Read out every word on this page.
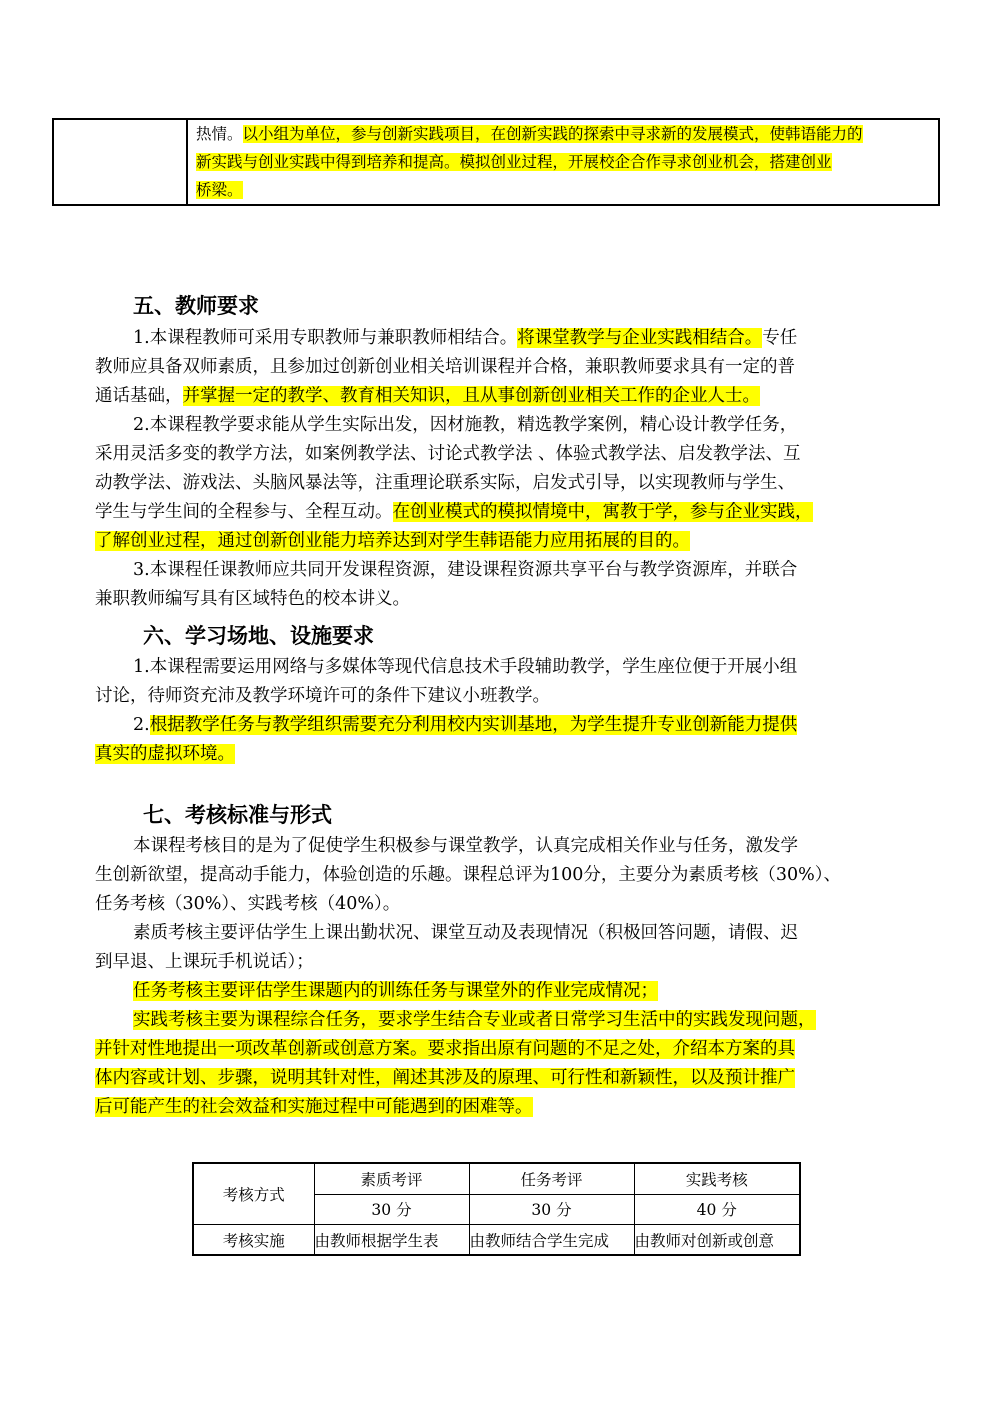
	热情。以小组为单位，参与创新实践项目，在创新实践的探索中寻求新的发展模式，使韩语能力的
新实践与创业实践中得到培养和提高。模拟创业过程，开展校企合作寻求创业机会，搭建创业
桥梁。
五、教师要求
1.本课程教师可采用专职教师与兼职教师相结合。将课堂教学与企业实践相结合。专任
教师应具备双师素质，且参加过创新创业相关培训课程并合格，兼职教师要求具有一定的普
通话基础，并掌握一定的教学、教育相关知识，且从事创新创业相关工作的企业人士。
2.本课程教学要求能从学生实际出发，因材施教，精选教学案例，精心设计教学任务，
采用灵活多变的教学方法，如案例教学法、讨论式教学法 、体验式教学法、启发教学法、互
动教学法、游戏法、头脑风暴法等，注重理论联系实际，启发式引导，以实现教师与学生、
学生与学生间的全程参与、全程互动。在创业模式的模拟情境中，寓教于学，参与企业实践，
了解创业过程，通过创新创业能力培养达到对学生韩语能力应用拓展的目的。
3.本课程任课教师应共同开发课程资源，建设课程资源共享平台与教学资源库，并联合
兼职教师编写具有区域特色的校本讲义。
六、学习场地、设施要求
1.本课程需要运用网络与多媒体等现代信息技术手段辅助教学，学生座位便于开展小组
讨论，待师资充沛及教学环境许可的条件下建议小班教学。
2.根据教学任务与教学组织需要充分利用校内实训基地，为学生提升专业创新能力提供
真实的虚拟环境。
七、考核标准与形式
本课程考核目的是为了促使学生积极参与课堂教学，认真完成相关作业与任务，激发学
生创新欲望，提高动手能力，体验创造的乐趣。课程总评为100分，主要分为素质考核（30%）、
任务考核（30%）、实践考核（40%）。
素质考核主要评估学生上课出勤状况、课堂互动及表现情况（积极回答问题，请假、迟
到早退、上课玩手机说话）；
任务考核主要评估学生课题内的训练任务与课堂外的作业完成情况；
实践考核主要为课程综合任务，要求学生结合专业或者日常学习生活中的实践发现问题，
并针对性地提出一项改革创新或创意方案。要求指出原有问题的不足之处，介绍本方案的具
体内容或计划、步骤，说明其针对性，阐述其涉及的原理、可行性和新颖性，以及预计推广
后可能产生的社会效益和实施过程中可能遇到的困难等。
考核方式	素质考评	任务考评	实践考核
	30 分	30 分	40 分
考核实施	由教师根据学生表	由教师结合学生完成	由教师对创新或创意
